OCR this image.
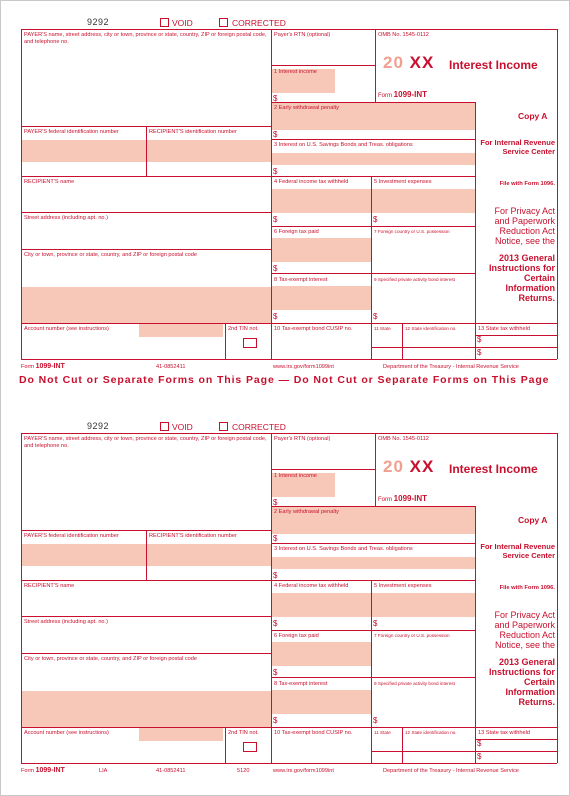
9292	VOID	CORRECTED
PAYER'S name, street address, city or town, province or state, country, ZIP or foreign postal code, and telephone no.
Payer's RTN (optional)	OMB No. 1545-0112
20 XX
Form 1099-INT
Interest Income
1 Interest income
$
2 Early withdrawal penalty
$
Copy A
PAYER'S federal identification number	RECIPIENT'S identification number
3 Interest on U.S. Savings Bonds and Treas. obligations
$
For Internal Revenue Service Center
RECIPIENT'S name	4 Federal income tax withheld	5 Investment expenses	File with Form 1096.
$	$
For Privacy Act and Paperwork Reduction Act Notice, see the
2013 General Instructions for Certain Information Returns.
Street address (including apt. no.)
6 Foreign tax paid	7 Foreign country or U.S. possession
$
City or town, province or state, country, and ZIP or foreign postal code
8 Tax-exempt interest	9 Specified private activity bond interest
$	$
Account number (see instructions)	2nd TIN not.	10 Tax-exempt bond CUSIP no.	11 State	12 State identification no.	13 State tax withheld
$
$
Form 1099-INT	41-0852411	www.irs.gov/form1099int	Department of the Treasury - Internal Revenue Service
Do Not Cut or Separate Forms on This Page — Do Not Cut or Separate Forms on This Page
9292	VOID	CORRECTED
PAYER'S name, street address, city or town, province or state, country, ZIP or foreign postal code, and telephone no.
Payer's RTN (optional)	OMB No. 1545-0112
20 XX
Form 1099-INT
Interest Income
1 Interest income
$
2 Early withdrawal penalty
$
Copy A
PAYER'S federal identification number	RECIPIENT'S identification number
3 Interest on U.S. Savings Bonds and Treas. obligations
$
For Internal Revenue Service Center
RECIPIENT'S name	4 Federal income tax withheld	5 Investment expenses	File with Form 1096.
$	$
For Privacy Act and Paperwork Reduction Act Notice, see the
2013 General Instructions for Certain Information Returns.
Street address (including apt. no.)
6 Foreign tax paid	7 Foreign country or U.S. possession
$
City or town, province or state, country, and ZIP or foreign postal code
8 Tax-exempt interest	9 Specified private activity bond interest
$	$
Account number (see instructions)	2nd TIN not.	10 Tax-exempt bond CUSIP no.	11 State	12 State identification no.	13 State tax withheld
$
$
Form 1099-INT	LIA	41-0852411	5120	www.irs.gov/form1099int	Department of the Treasury - Internal Revenue Service
